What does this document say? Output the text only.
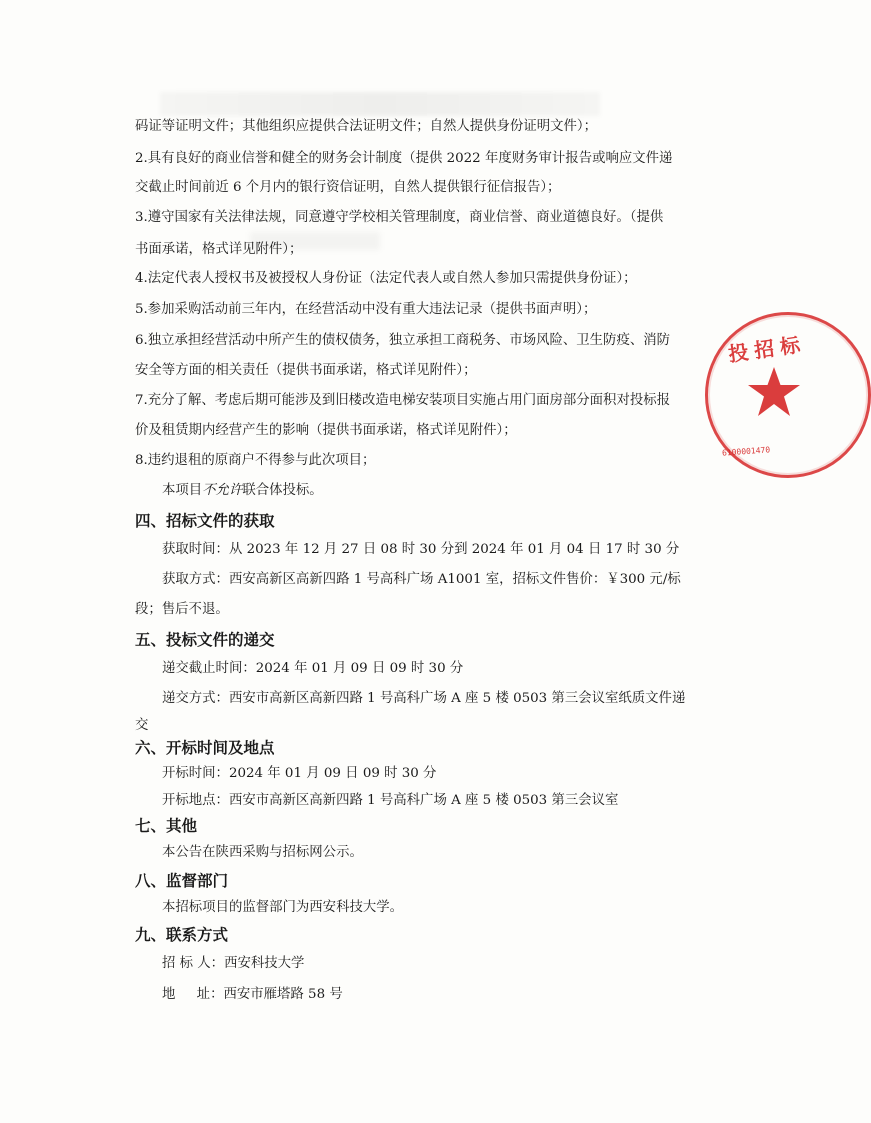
码证等证明文件；其他组织应提供合法证明文件；自然人提供身份证明文件）；
2.具有良好的商业信誉和健全的财务会计制度（提供 2022 年度财务审计报告或响应文件递
交截止时间前近 6 个月内的银行资信证明，自然人提供银行征信报告）；
3.遵守国家有关法律法规，同意遵守学校相关管理制度，商业信誉、商业道德良好。（提供
书面承诺，格式详见附件）；
4.法定代表人授权书及被授权人身份证（法定代表人或自然人参加只需提供身份证）；
5.参加采购活动前三年内，在经营活动中没有重大违法记录（提供书面声明）；
6.独立承担经营活动中所产生的债权债务，独立承担工商税务、市场风险、卫生防疫、消防
安全等方面的相关责任（提供书面承诺，格式详见附件）；
7.充分了解、考虑后期可能涉及到旧楼改造电梯安装项目实施占用门面房部分面积对投标报
价及租赁期内经营产生的影响（提供书面承诺，格式详见附件）；
8.违约退租的原商户不得参与此次项目；
本项目不允许联合体投标。
四、招标文件的获取
获取时间：从 2023 年 12 月 27 日 08 时 30 分到 2024 年 01 月 04 日 17 时 30 分
获取方式：西安高新区高新四路 1 号高科广场 A1001 室，招标文件售价：￥300 元/标
段；售后不退。
五、投标文件的递交
递交截止时间：2024 年 01 月 09 日 09 时 30 分
递交方式：西安市高新区高新四路 1 号高科广场 A 座 5 楼 0503 第三会议室纸质文件递
交
六、开标时间及地点
开标时间：2024 年 01 月 09 日 09 时 30 分
开标地点：西安市高新区高新四路 1 号高科广场 A 座 5 楼 0503 第三会议室
七、其他
本公告在陕西采购与招标网公示。
八、监督部门
本招标项目的监督部门为西安科技大学。
九、联系方式
招 标 人：西安科技大学
地     址：西安市雁塔路 58 号
投招标
6100001470
